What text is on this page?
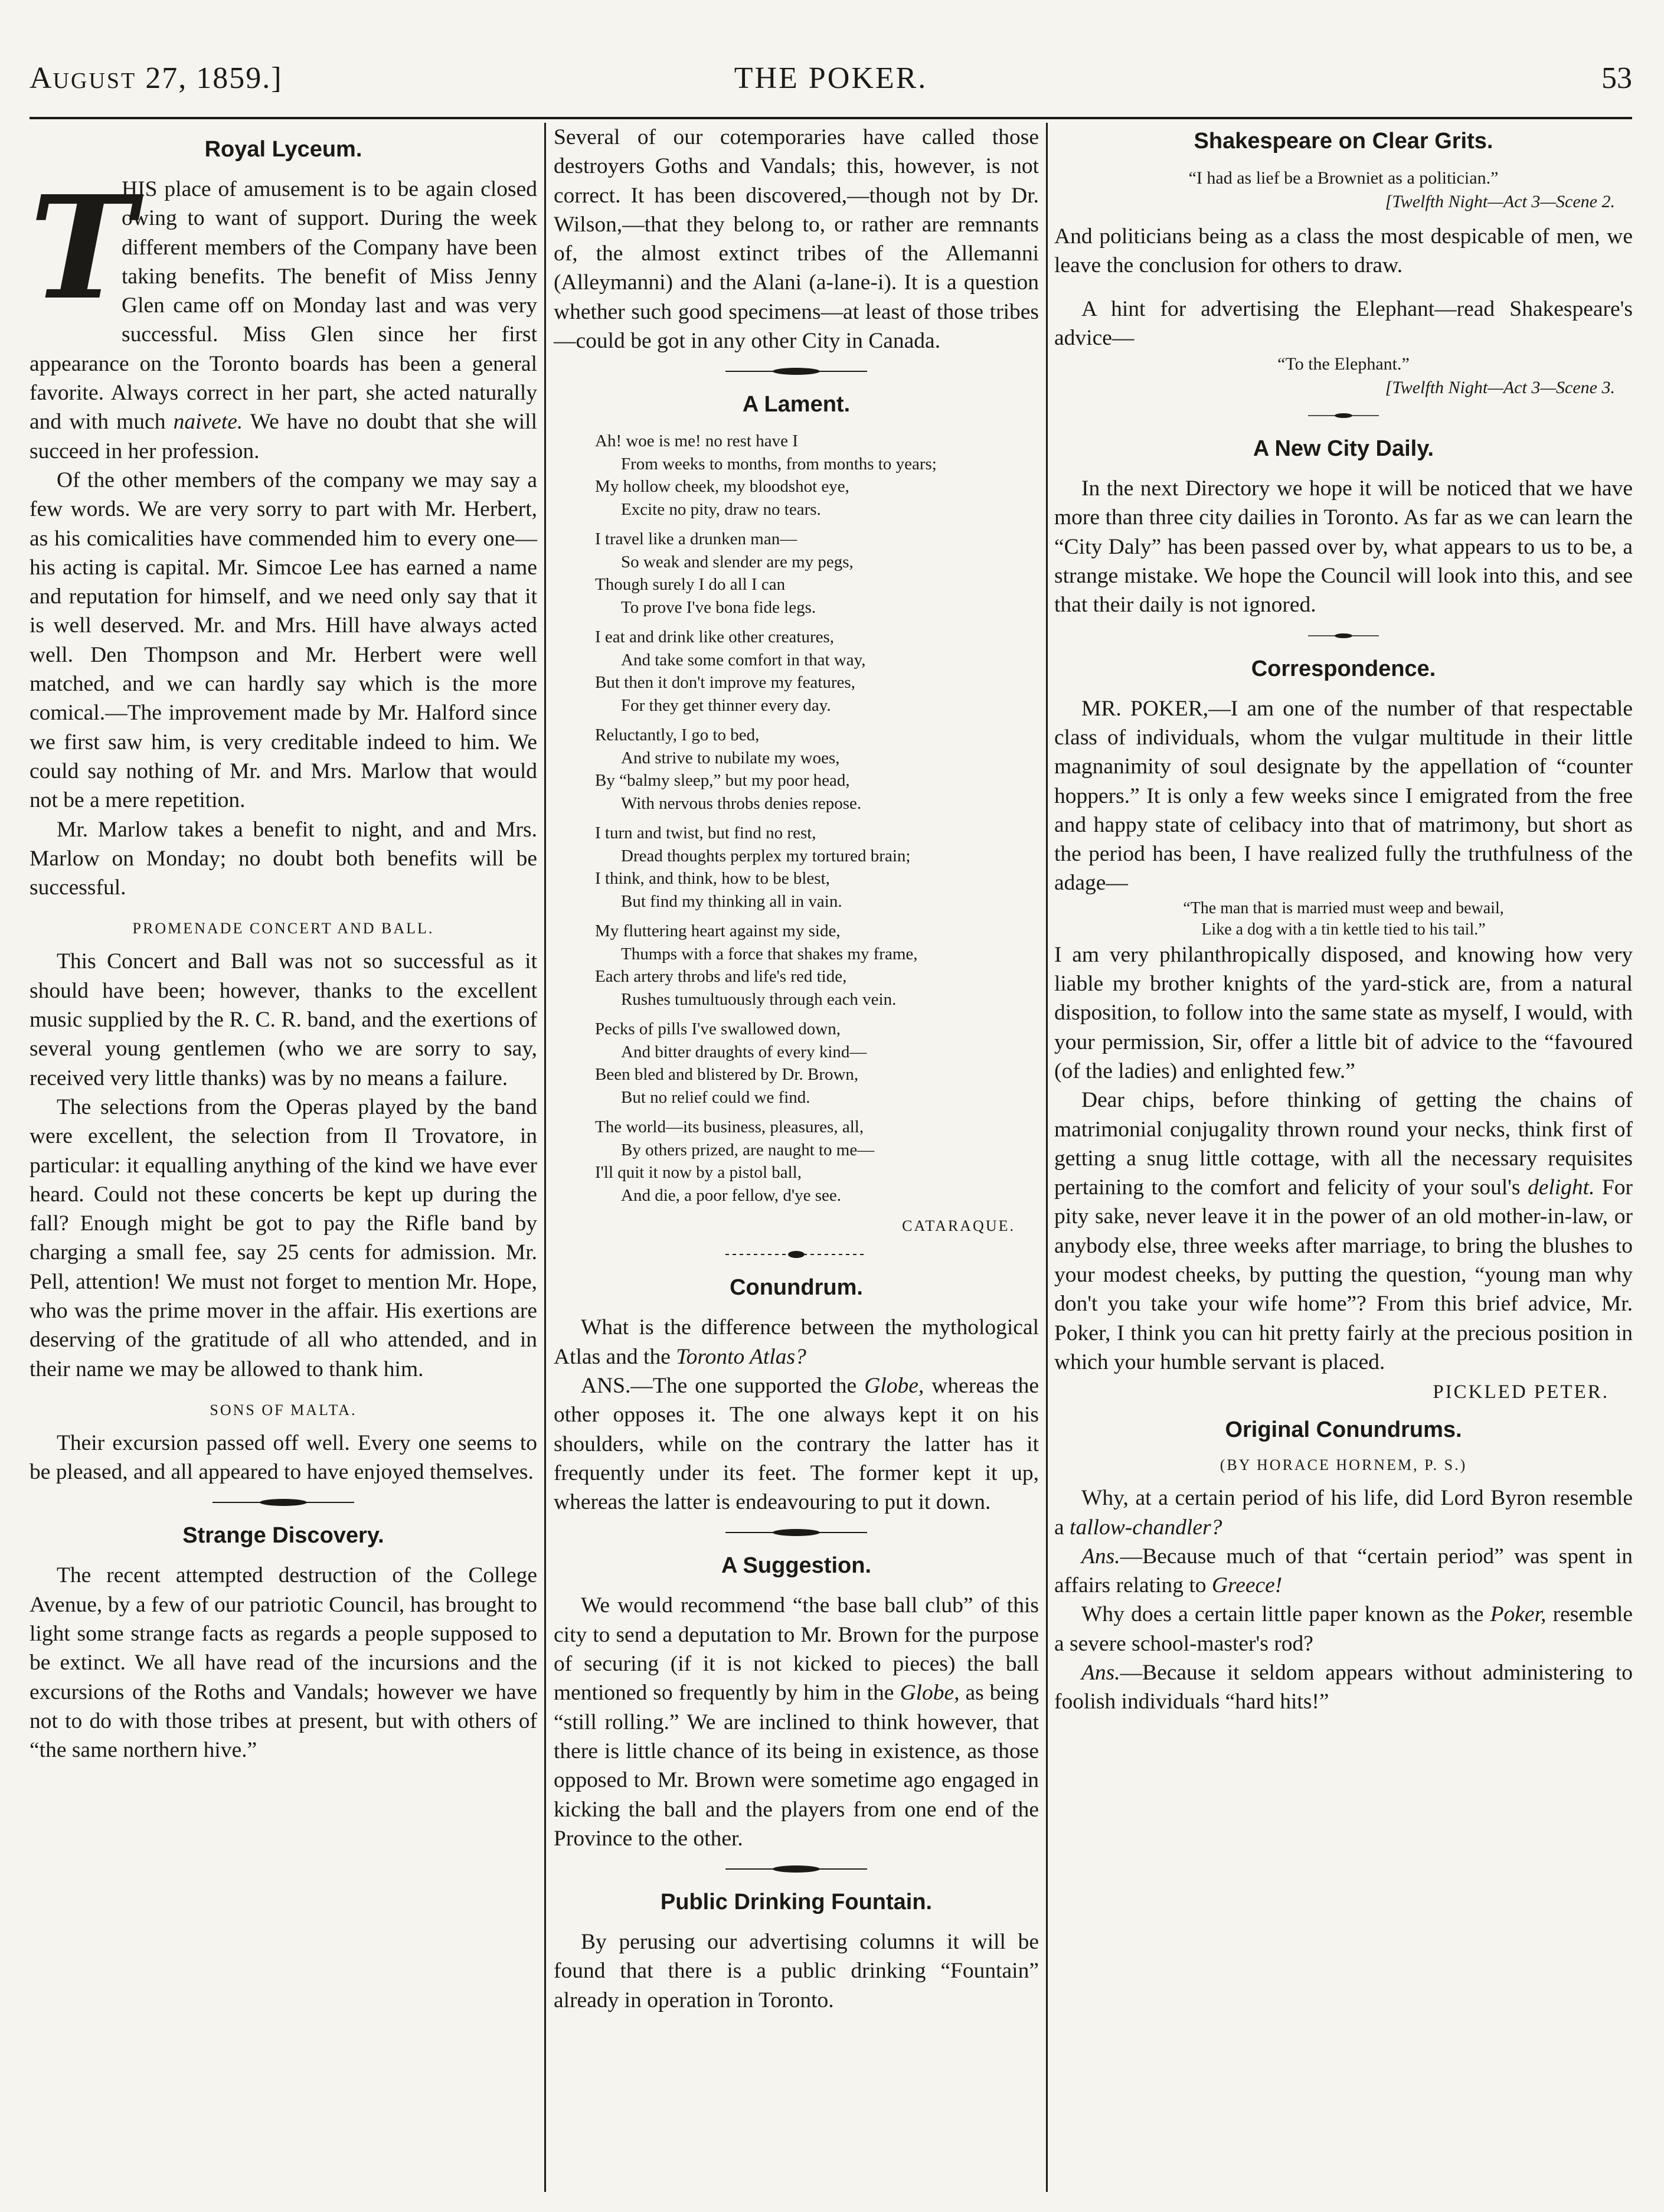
AUGUST 27, 1859.]	THE POKER.	53
Royal Lyceum.
T

HIS place of amusement is to be again closed owing to want of support. During the week different members of the Company have been taking benefits. The benefit of Miss Jenny Glen came off on Monday last and was very successful. Miss Glen since her first appearance on the Toronto boards has been a general favorite. Always correct in her part, she acted naturally and with much naivete. We have no doubt that she will succeed in her profession.

Of the other members of the company we may say a few words. We are very sorry to part with Mr. Herbert, as his comicalities have commended him to every one—his acting is capital. Mr. Simcoe Lee has earned a name and reputation for himself, and we need only say that it is well deserved. Mr. and Mrs. Hill have always acted well. Den Thompson and Mr. Herbert were well matched, and we can hardly say which is the more comical.—The improvement made by Mr. Halford since we first saw him, is very creditable indeed to him. We could say nothing of Mr. and Mrs. Marlow that would not be a mere repetition.

Mr. Marlow takes a benefit to night, and and Mrs. Marlow on Monday; no doubt both benefits will be successful.

PROMENADE CONCERT AND BALL.

This Concert and Ball was not so successful as it should have been; however, thanks to the excellent music supplied by the R. C. R. band, and the exertions of several young gentlemen (who we are sorry to say, received very little thanks) was by no means a failure.

The selections from the Operas played by the band were excellent, the selection from Il Trovatore, in particular: it equalling anything of the kind we have ever heard. Could not these concerts be kept up during the fall? Enough might be got to pay the Rifle band by charging a small fee, say 25 cents for admission. Mr. Pell, attention! We must not forget to mention Mr. Hope, who was the prime mover in the affair. His exertions are deserving of the gratitude of all who attended, and in their name we may be allowed to thank him.

SONS OF MALTA.

Their excursion passed off well. Every one seems to be pleased, and all appeared to have enjoyed themselves.

Strange Discovery.

The recent attempted destruction of the College Avenue, by a few of our patriotic Council, has brought to light some strange facts as regards a people supposed to be extinct. We all have read of the incursions and the excursions of the Roths and Vandals; however we have not to do with those tribes at present, but with others of “the same northern hive.”

Several of our cotemporaries have called those destroyers Goths and Vandals; this, however, is not correct. It has been discovered,—though not by Dr. Wilson,—that they belong to, or rather are remnants of, the almost extinct tribes of the Allemanni (Alleymanni) and the Alani (a-lane-i). It is a question whether such good specimens—at least of those tribes—could be got in any other City in Canada.

A Lament.
Ah! woe is me! no rest have I
From weeks to months, from months to years;
My hollow cheek, my bloodshot eye,
Excite no pity, draw no tears.
I travel like a drunken man—
So weak and slender are my pegs,
Though surely I do all I can
To prove I've bona fide legs.
I eat and drink like other creatures,
And take some comfort in that way,
But then it don't improve my features,
For they get thinner every day.
Reluctantly, I go to bed,
And strive to nubilate my woes,
By “balmy sleep,” but my poor head,
With nervous throbs denies repose.
I turn and twist, but find no rest,
Dread thoughts perplex my tortured brain;
I think, and think, how to be blest,
But find my thinking all in vain.
My fluttering heart against my side,
Thumps with a force that shakes my frame,
Each artery throbs and life's red tide,
Rushes tumultuously through each vein.
Pecks of pills I've swallowed down,
And bitter draughts of every kind—
Been bled and blistered by Dr. Brown,
But no relief could we find.
The world—its business, pleasures, all,
By others prized, are naught to me—
I'll quit it now by a pistol ball,
And die, a poor fellow, d'ye see.
CATARAQUE.
Conundrum.

What is the difference between the mythological Atlas and the Toronto Atlas?

ANS.—The one supported the Globe, whereas the other opposes it. The one always kept it on his shoulders, while on the contrary the latter has it frequently under its feet. The former kept it up, whereas the latter is endeavouring to put it down.

A Suggestion.

We would recommend “the base ball club” of this city to send a deputation to Mr. Brown for the purpose of securing (if it is not kicked to pieces) the ball mentioned so frequently by him in the Globe, as being “still rolling.” We are inclined to think however, that there is little chance of its being in existence, as those opposed to Mr. Brown were sometime ago engaged in kicking the ball and the players from one end of the Province to the other.

Public Drinking Fountain.

By perusing our advertising columns it will be found that there is a public drinking “Fountain” already in operation in Toronto.

Shakespeare on Clear Grits.
“I had as lief be a Browniet as a politician.”
[Twelfth Night—Act 3—Scene 2.

And politicians being as a class the most despicable of men, we leave the conclusion for others to draw.

A hint for advertising the Elephant—read Shakespeare's advice—

“To the Elephant.”
[Twelfth Night—Act 3—Scene 3.
A New City Daily.

In the next Directory we hope it will be noticed that we have more than three city dailies in Toronto. As far as we can learn the “City Daly” has been passed over by, what appears to us to be, a strange mistake. We hope the Council will look into this, and see that their daily is not ignored.

Correspondence.

MR. POKER,—I am one of the number of that respectable class of individuals, whom the vulgar multitude in their little magnanimity of soul designate by the appellation of “counter hoppers.” It is only a few weeks since I emigrated from the free and happy state of celibacy into that of matrimony, but short as the period has been, I have realized fully the truthfulness of the adage—

“The man that is married must weep and bewail,
Like a dog with a tin kettle tied to his tail.”

I am very philanthropically disposed, and knowing how very liable my brother knights of the yard-stick are, from a natural disposition, to follow into the same state as myself, I would, with your permission, Sir, offer a little bit of advice to the “favoured (of the ladies) and enlighted few.”

Dear chips, before thinking of getting the chains of matrimonial conjugality thrown round your necks, think first of getting a snug little cottage, with all the necessary requisites pertaining to the comfort and felicity of your soul's delight. For pity sake, never leave it in the power of an old mother-in-law, or anybody else, three weeks after marriage, to bring the blushes to your modest cheeks, by putting the question, “young man why don't you take your wife home”? From this brief advice, Mr. Poker, I think you can hit pretty fairly at the precious position in which your humble servant is placed.

PICKLED PETER.
Original Conundrums.
(BY HORACE HORNEM, P. S.)

Why, at a certain period of his life, did Lord Byron resemble a tallow-chandler?

Ans.—Because much of that “certain period” was spent in affairs relating to Greece!

Why does a certain little paper known as the Poker, resemble a severe school-master's rod?

Ans.—Because it seldom appears without administering to foolish individuals “hard hits!”
